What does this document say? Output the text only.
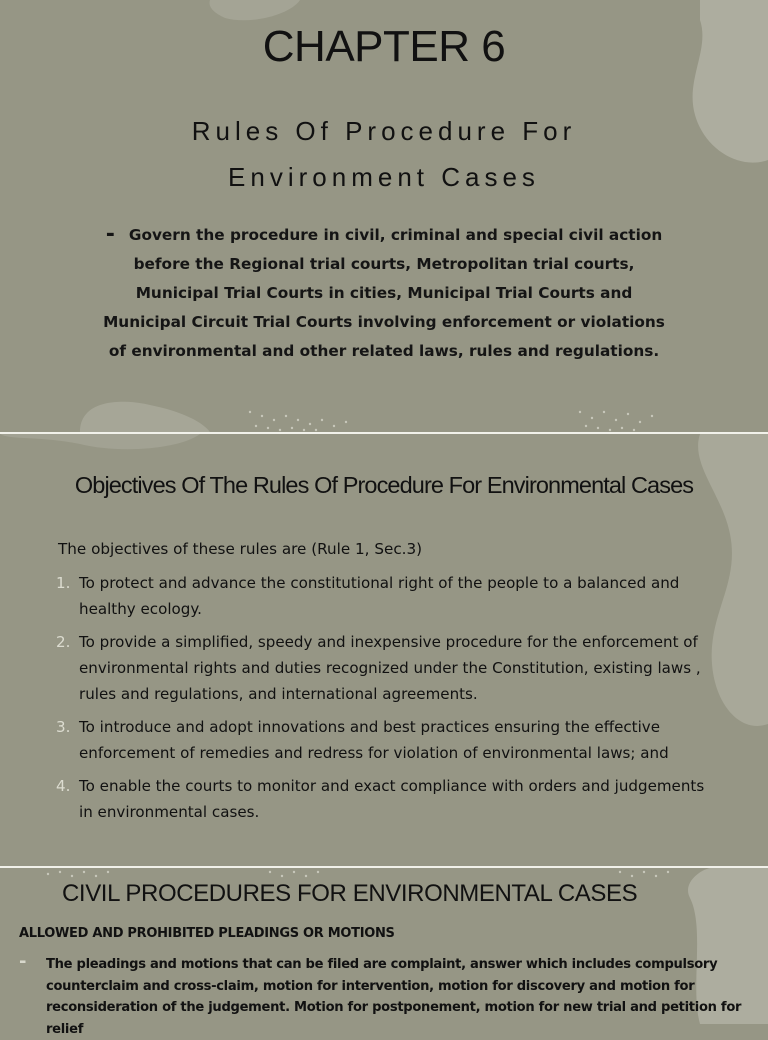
CHAPTER 6
Rules Of Procedure For
Environment Cases
- Govern the procedure in civil, criminal and special civil action before the Regional trial courts, Metropolitan trial courts, Municipal Trial Courts in cities, Municipal Trial Courts and Municipal Circuit Trial Courts involving enforcement or violations of environmental and other related laws, rules and regulations.
Objectives Of The Rules Of Procedure For Environmental Cases
The objectives of these rules are (Rule 1, Sec.3)
1. To protect and advance the constitutional right of the people to a balanced and healthy ecology.
2. To provide a simplified, speedy and inexpensive procedure for the enforcement of environmental rights and duties recognized under the Constitution, existing laws , rules and regulations, and international agreements.
3. To introduce and adopt innovations and best practices ensuring the effective enforcement of remedies and redress for violation of environmental laws; and
4. To enable the courts to monitor and exact compliance with orders and judgements in environmental cases.
CIVIL PROCEDURES FOR ENVIRONMENTAL CASES
ALLOWED AND PROHIBITED PLEADINGS OR MOTIONS
- The pleadings and motions that can be filed are complaint, answer which includes compulsory counterclaim and cross-claim, motion for intervention, motion for discovery and motion for reconsideration of the judgement. Motion for postponement, motion for new trial and petition for relief
